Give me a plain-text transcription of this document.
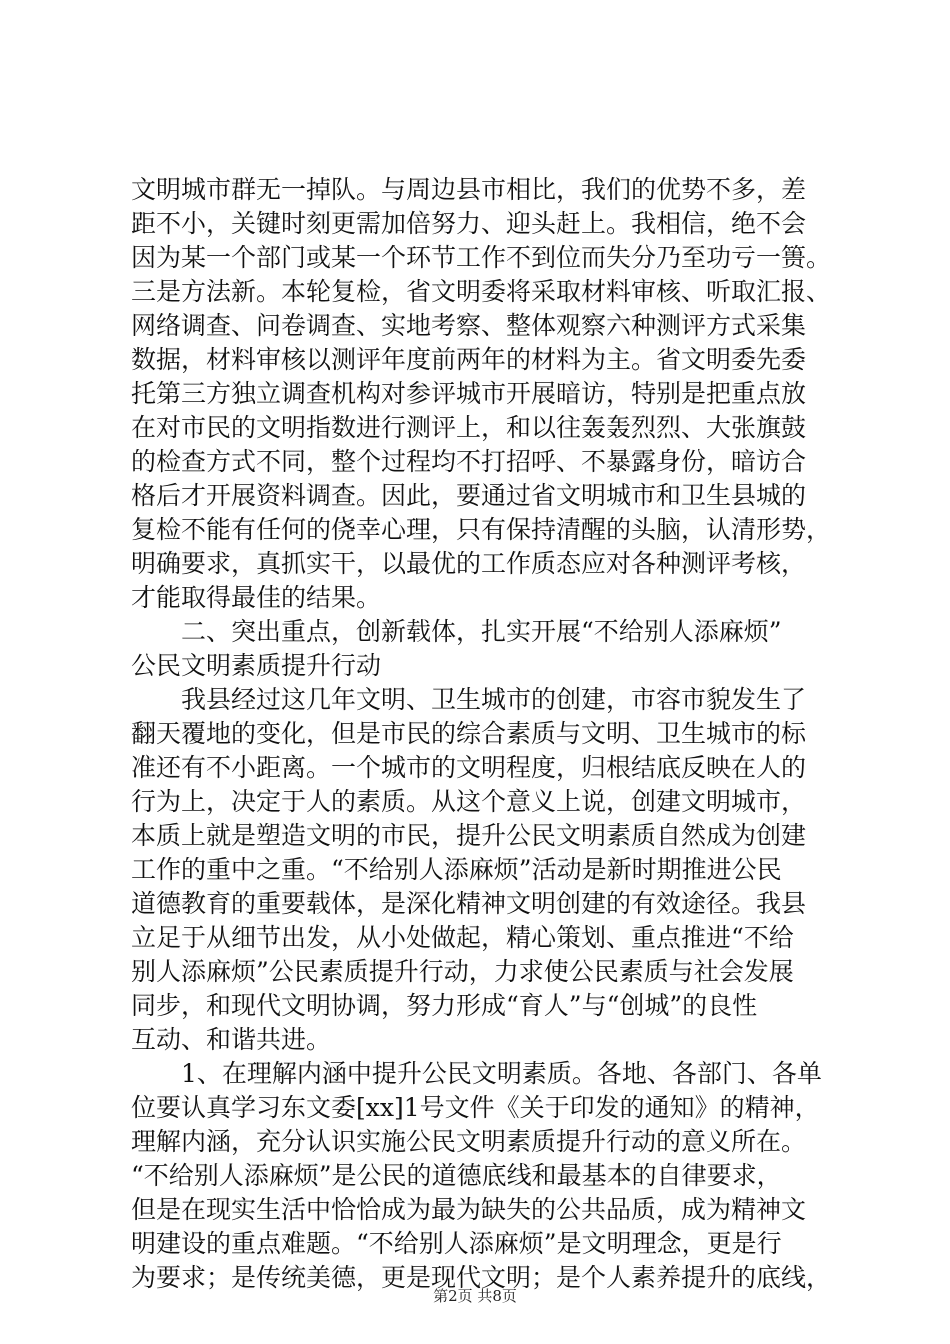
文明城市群无一掉队。与周边县市相比，我们的优势不多，差
距不小，关键时刻更需加倍努力、迎头赶上。我相信，绝不会
因为某一个部门或某一个环节工作不到位而失分乃至功亏一篑。
三是方法新。本轮复检，省文明委将采取材料审核、听取汇报、
网络调查、问卷调查、实地考察、整体观察六种测评方式采集
数据，材料审核以测评年度前两年的材料为主。省文明委先委
托第三方独立调查机构对参评城市开展暗访，特别是把重点放
在对市民的文明指数进行测评上，和以往轰轰烈烈、大张旗鼓
的检查方式不同，整个过程均不打招呼、不暴露身份，暗访合
格后才开展资料调查。因此，要通过省文明城市和卫生县城的
复检不能有任何的侥幸心理，只有保持清醒的头脑，认清形势，
明确要求，真抓实干，以最优的工作质态应对各种测评考核，
才能取得最佳的结果。
　　二、突出重点，创新载体，扎实开展“不给别人添麻烦”
公民文明素质提升行动
　　我县经过这几年文明、卫生城市的创建，市容市貌发生了
翻天覆地的变化，但是市民的综合素质与文明、卫生城市的标
准还有不小距离。一个城市的文明程度，归根结底反映在人的
行为上，决定于人的素质。从这个意义上说，创建文明城市，
本质上就是塑造文明的市民，提升公民文明素质自然成为创建
工作的重中之重。“不给别人添麻烦”活动是新时期推进公民
道德教育的重要载体，是深化精神文明创建的有效途径。我县
立足于从细节出发，从小处做起，精心策划、重点推进“不给
别人添麻烦”公民素质提升行动，力求使公民素质与社会发展
同步，和现代文明协调，努力形成“育人”与“创城”的良性
互动、和谐共进。
　　1、在理解内涵中提升公民文明素质。各地、各部门、各单
位要认真学习东文委[xx]1号文件《关于印发的通知》的精神，
理解内涵，充分认识实施公民文明素质提升行动的意义所在。
“不给别人添麻烦”是公民的道德底线和最基本的自律要求，
但是在现实生活中恰恰成为最为缺失的公共品质，成为精神文
明建设的重点难题。“不给别人添麻烦”是文明理念，更是行
为要求；是传统美德，更是现代文明；是个人素养提升的底线，
第2页 共8页
